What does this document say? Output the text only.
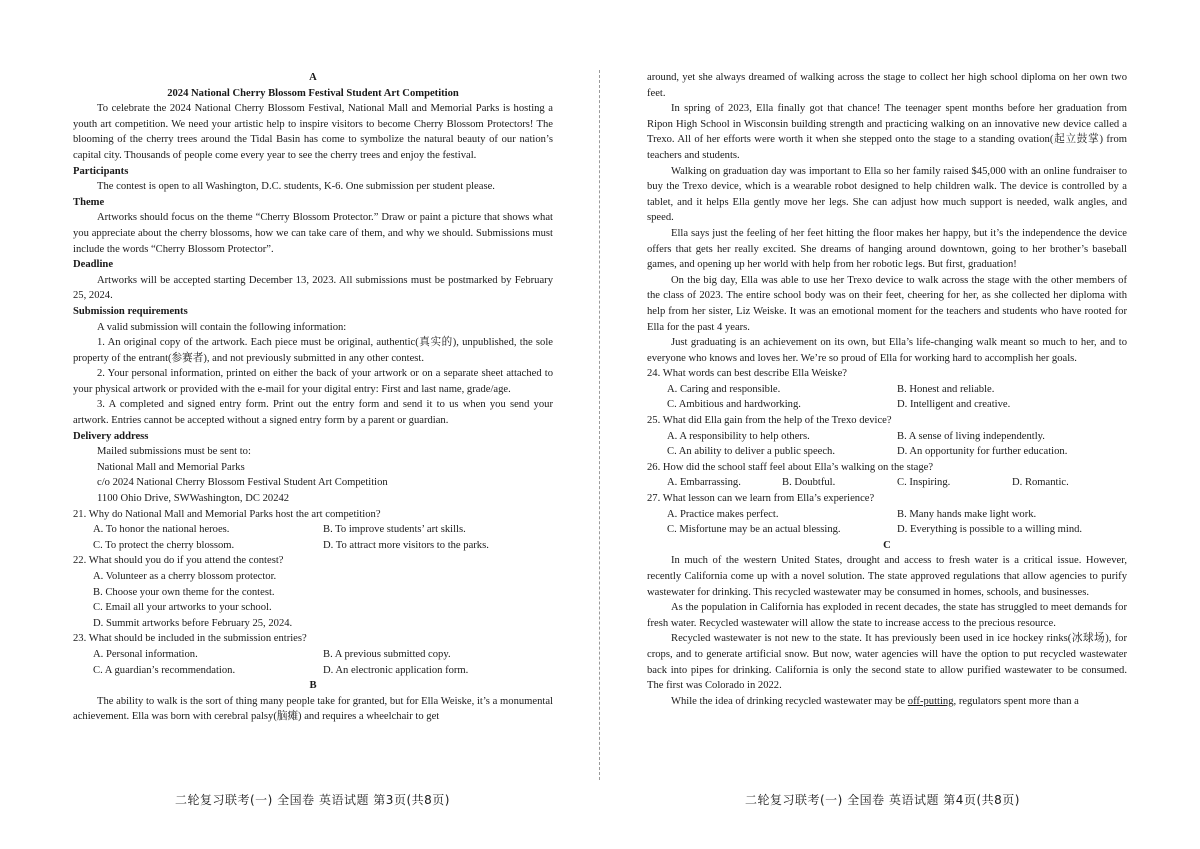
A

2024 National Cherry Blossom Festival Student Art Competition

To celebrate the 2024 National Cherry Blossom Festival, National Mall and Memorial Parks is hosting a youth art competition. We need your artistic help to inspire visitors to become Cherry Blossom Protectors! The blooming of the cherry trees around the Tidal Basin has come to symbolize the natural beauty of our nation’s capital city. Thousands of people come every year to see the cherry trees and enjoy the festival.

Participants

The contest is open to all Washington, D.C. students, K-6. One submission per student please.

Theme

Artworks should focus on the theme “Cherry Blossom Protector.” Draw or paint a picture that shows what you appreciate about the cherry blossoms, how we can take care of them, and why we should. Submissions must include the words “Cherry Blossom Protector”.

Deadline

Artworks will be accepted starting December 13, 2023. All submissions must be postmarked by February 25, 2024.

Submission requirements

A valid submission will contain the following information:

1. An original copy of the artwork. Each piece must be original, authentic(真实的), unpublished, the sole property of the entrant(参赛者), and not previously submitted in any other contest.

2. Your personal information, printed on either the back of your artwork or on a separate sheet attached to your physical artwork or provided with the e-mail for your digital entry: First and last name, grade/age.

3. A completed and signed entry form. Print out the entry form and send it to us when you send your artwork. Entries cannot be accepted without a signed entry form by a parent or guardian.

Delivery address

Mailed submissions must be sent to:

National Mall and Memorial Parks

c/o 2024 National Cherry Blossom Festival Student Art Competition

1100 Ohio Drive, SWWashington, DC 20242

21. Why do National Mall and Memorial Parks host the art competition?

A. To honor the national heroes.	B. To improve students’ art skills.
C. To protect the cherry blossom.	D. To attract more visitors to the parks.

22. What should you do if you attend the contest?

A. Volunteer as a cherry blossom protector.

B. Choose your own theme for the contest.

C. Email all your artworks to your school.

D. Summit artworks before February 25, 2024.

23. What should be included in the submission entries?

A. Personal information.	B. A previous submitted copy.
C. A guardian’s recommendation.	D. An electronic application form.

B

The ability to walk is the sort of thing many people take for granted, but for Ella Weiske, it’s a monumental achievement. Ella was born with cerebral palsy(脑瘫) and requires a wheelchair to get

around, yet she always dreamed of walking across the stage to collect her high school diploma on her own two feet.

In spring of 2023, Ella finally got that chance! The teenager spent months before her graduation from Ripon High School in Wisconsin building strength and practicing walking on an innovative new device called a Trexo. All of her efforts were worth it when she stepped onto the stage to a standing ovation(起立鼓掌) from teachers and students.

Walking on graduation day was important to Ella so her family raised $45,000 with an online fundraiser to buy the Trexo device, which is a wearable robot designed to help children walk. The device is controlled by a tablet, and it helps Ella gently move her legs. She can adjust how much support is needed, walk angles, and speed.

Ella says just the feeling of her feet hitting the floor makes her happy, but it’s the independence the device offers that gets her really excited. She dreams of hanging around downtown, going to her brother’s baseball games, and opening up her world with help from her robotic legs. But first, graduation!

On the big day, Ella was able to use her Trexo device to walk across the stage with the other members of the class of 2023. The entire school body was on their feet, cheering for her, as she collected her diploma with help from her sister, Liz Weiske. It was an emotional moment for the teachers and students who have rooted for Ella for the past 4 years.

Just graduating is an achievement on its own, but Ella’s life-changing walk meant so much to her, and to everyone who knows and loves her. We’re so proud of Ella for working hard to accomplish her goals.

24. What words can best describe Ella Weiske?

A. Caring and responsible.	B. Honest and reliable.
C. Ambitious and hardworking.	D. Intelligent and creative.

25. What did Ella gain from the help of the Trexo device?

A. A responsibility to help others.	B. A sense of living independently.
C. An ability to deliver a public speech.	D. An opportunity for further education.

26. How did the school staff feel about Ella’s walking on the stage?

A. Embarrassing.	B. Doubtful.	C. Inspiring.	D. Romantic.

27. What lesson can we learn from Ella’s experience?

A. Practice makes perfect.	B. Many hands make light work.
C. Misfortune may be an actual blessing.	D. Everything is possible to a willing mind.

C

In much of the western United States, drought and access to fresh water is a critical issue. However, recently California come up with a novel solution. The state approved regulations that allow agencies to purify wastewater for drinking. This recycled wastewater may be consumed in homes, schools, and businesses.

As the population in California has exploded in recent decades, the state has struggled to meet demands for fresh water. Recycled wastewater will allow the state to increase access to the precious resource.

Recycled wastewater is not new to the state. It has previously been used in ice hockey rinks(冰球场), for crops, and to generate artificial snow. But now, water agencies will have the option to put recycled wastewater back into pipes for drinking. California is only the second state to allow purified wastewater to be consumed. The first was Colorado in 2022.

While the idea of drinking recycled wastewater may be off-putting, regulators spent more than a

二轮复习联考(一) 全国卷 英语试题 第3页(共8页)	二轮复习联考(一) 全国卷 英语试题 第4页(共8页)
